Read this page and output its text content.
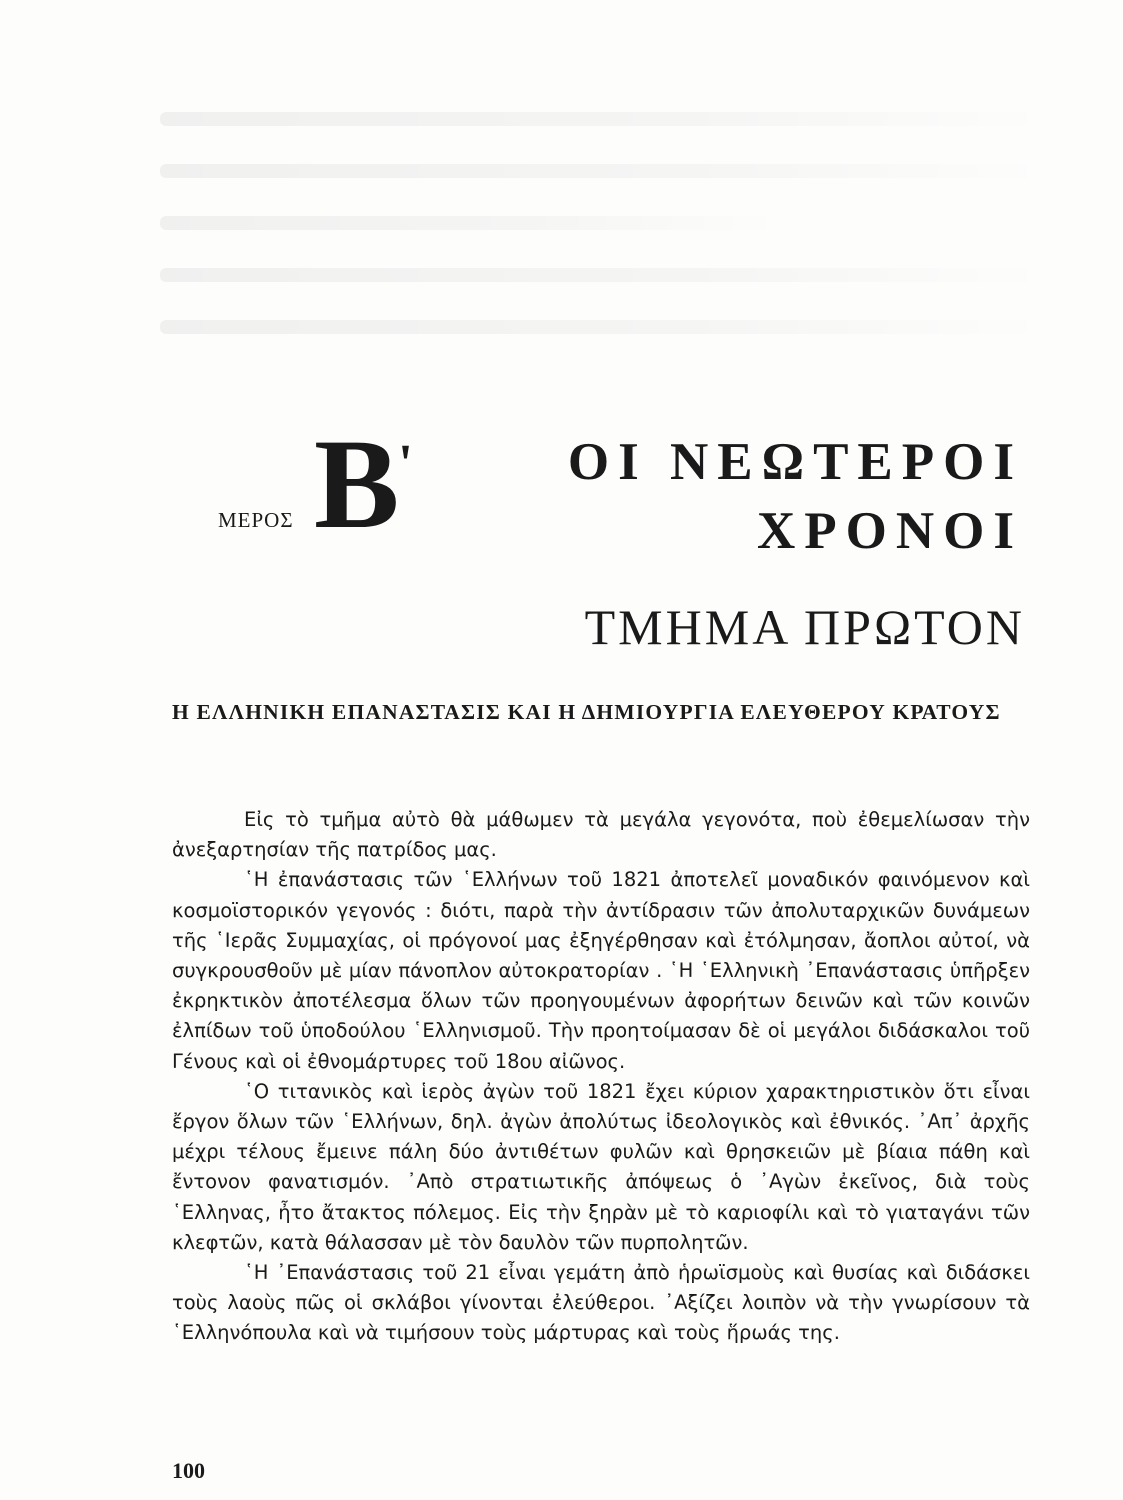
ΜΕΡΟΣ Β
'	ΟΙ ΝΕΩΤΕΡΟΙ
ΧΡΟΝΟΙ
ΤΜΗΜΑ ΠΡΩΤΟΝ
Η ΕΛΛΗΝΙΚΗ ΕΠΑΝΑΣΤΑΣΙΣ ΚΑΙ Η ΔΗΜΙΟΥΡΓΙΑ ΕΛΕΥΘΕΡΟΥ ΚΡΑΤΟΥΣ

Εἰς τὸ τμῆμα αὐτὸ θὰ μάθωμεν τὰ μεγάλα γεγονότα, ποὺ ἐθεμελίωσαν τὴν ἀνεξαρτησίαν τῆς πατρίδος μας.

῾Η ἐπανάστασις τῶν ῾Ελλήνων τοῦ 1821 ἀποτελεῖ μοναδικόν φαινόμενον καὶ κοσμοϊστορικόν γεγονός : διότι, παρὰ τὴν ἀντίδρασιν τῶν ἀπολυταρχικῶν δυνάμεων τῆς ῾Ιερᾶς Συμμαχίας, οἱ πρόγονοί μας ἐξηγέρθησαν καὶ ἐτόλμησαν, ἄοπλοι αὐτοί, νὰ συγκρουσθοῦν μὲ μίαν πάνοπλον αὐτοκρατορίαν . ῾Η ῾Ελληνικὴ ᾿Επανάστασις ὑπῆρξεν ἐκρηκτικὸν ἀποτέλεσμα ὅλων τῶν προηγουμένων ἀφορήτων δεινῶν καὶ τῶν κοινῶν ἐλπίδων τοῦ ὑποδούλου ῾Ελληνισμοῦ. Τὴν προητοίμασαν δὲ οἱ μεγάλοι διδάσκαλοι τοῦ Γένους καὶ οἱ ἐθνομάρτυρες τοῦ 18ου αἰῶνος.

῾Ο τιτανικὸς καὶ ἱερὸς ἀγὼν τοῦ 1821 ἔχει κύριον χαρακτηριστικὸν ὅτι εἶναι ἔργον ὅλων τῶν ῾Ελλήνων, δηλ. ἀγὼν ἀπολύτως ἰδεολογικὸς καὶ ἐθνικός. ᾿Απ᾿ ἀρχῆς μέχρι τέλους ἔμεινε πάλη δύο ἀντιθέτων φυλῶν καὶ θρησκειῶν μὲ βίαια πάθη καὶ ἔντονον φανατισμόν. ᾿Απὸ στρατιωτικῆς ἀπόψεως ὁ ᾿Αγὼν ἐκεῖνος, διὰ τοὺς ῾Ελληνας, ἦτο ἄτακτος πόλεμος. Εἰς τὴν ξηρὰν μὲ τὸ καριοφίλι καὶ τὸ γιαταγάνι τῶν κλεφτῶν, κατὰ θάλασσαν μὲ τὸν δαυλὸν τῶν πυρπολητῶν.

῾Η ᾿Επανάστασις τοῦ 21 εἶναι γεμάτη ἀπὸ ἡρωϊσμοὺς καὶ θυσίας καὶ διδάσκει τοὺς λαοὺς πῶς οἱ σκλάβοι γίνονται ἐλεύθεροι. ᾿Αξίζει λοιπὸν νὰ τὴν γνωρίσουν τὰ ῾Ελληνόπουλα καὶ νὰ τιμήσουν τοὺς μάρτυρας καὶ τοὺς ἥρωάς της.

100
